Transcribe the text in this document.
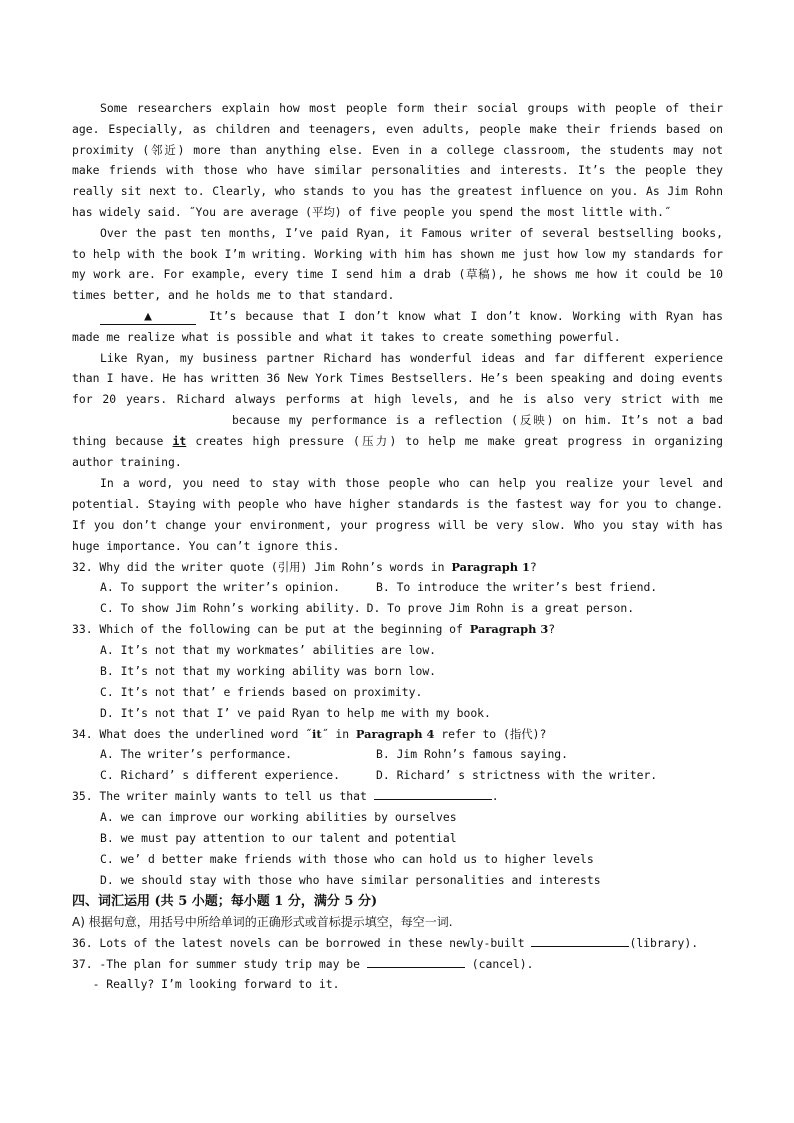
Some researchers explain how most people form their social groups with people of their age. Especially, as children and teenagers, even adults, people make their friends based on proximity (邻近) more than anything else. Even in a college classroom, the students may not make friends with those who have similar personalities and interests. It’s the people they really sit next to. Clearly, who stands to you has the greatest influence on you. As Jim Rohn has widely said. ˝You are average (平均) of five people you spend the most little with.˝

Over the past ten months, I’ve paid Ryan, it Famous writer of several bestselling books, to help with the book I’m writing. Working with him has shown me just how low my standards for my work are. For example, every time I send him a drab (草稿), he shows me how it could be 10 times better, and he holds me to that standard.

▲	It’s because that I don’t know what I don’t know. Working with Ryan has made me realize what is possible and what it takes to create something powerful.

Like Ryan, my business partner Richard has wonderful ideas and far different experience than I have. He has written 36 New York Times Bestsellers. He’s been speaking and doing events for 20 years. Richard always performs at high levels, and he is also very strict with mebecause my performance is a reflection (反映) on him. It’s not a bad thing because it creates high pressure (压力) to help me make great progress in organizing author training.

In a word, you need to stay with those people who can help you realize your level and potential. Staying with people who have higher standards is the fastest way for you to change. If you don’t change your environment, your progress will be very slow. Who you stay with has huge importance. You can’t ignore this.

32. Why did the writer quote (引用) Jim Rohn’s words in Paragraph 1?

A. To support the writer’s opinion.	B. To introduce the writer’s best friend.
C. To show Jim Rohn’s working ability. D. To prove Jim Rohn is a great person.

33. Which of the following can be put at the beginning of Paragraph 3?

A. It’s not that my workmates’ abilities are low.

B. It’s not that my working ability was born low.

C. It’s not that’ e friends based on proximity.

D. It’s not that I’ ve paid Ryan to help me with my book.

34. What does the underlined word ˝it˝ in Paragraph 4 refer to (指代)?

A. The writer’s performance.	B. Jim Rohn’s famous saying.
C. Richard’ s different experience.	D. Richard’ s strictness with the writer.

35. The writer mainly wants to tell us that	.

A. we can improve our working abilities by ourselves

B. we must pay attention to our talent and potential

C. we’ d better make friends with those who can hold us to higher levels

D. we should stay with those who have similar personalities and interests

四、词汇运用 (共 5 小题；每小题 1 分，满分 5 分)

A) 根据句意，用括号中所给单词的正确形式或首标提示填空，每空一词.

36. Lots of the latest novels can be borrowed in these newly-built	(library).

37. -The plan for summer study trip may be	(cancel).

- Really? I’m looking forward to it.
